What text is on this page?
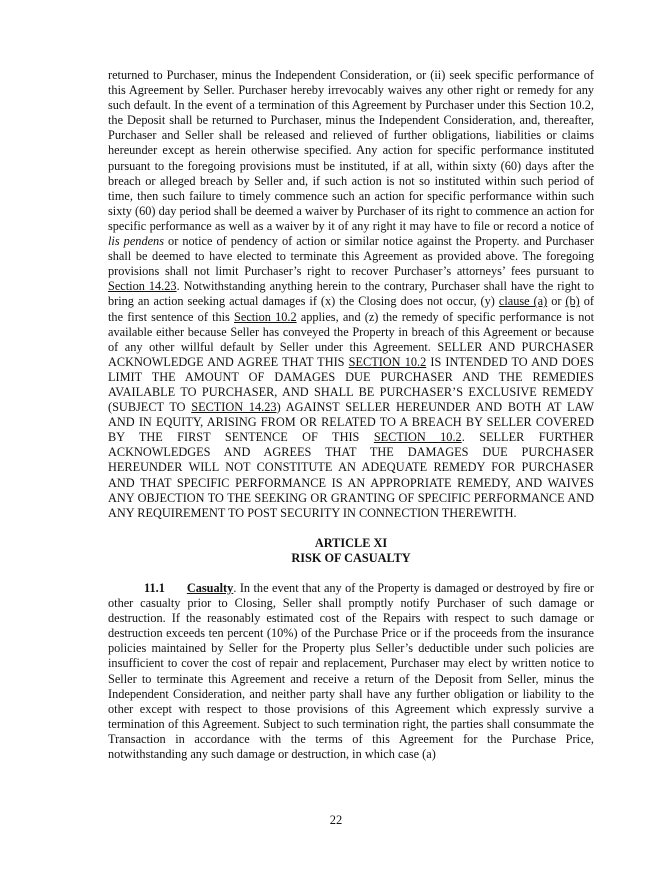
returned to Purchaser, minus the Independent Consideration, or (ii) seek specific performance of this Agreement by Seller. Purchaser hereby irrevocably waives any other right or remedy for any such default. In the event of a termination of this Agreement by Purchaser under this Section 10.2, the Deposit shall be returned to Purchaser, minus the Independent Consideration, and, thereafter, Purchaser and Seller shall be released and relieved of further obligations, liabilities or claims hereunder except as herein otherwise specified. Any action for specific performance instituted pursuant to the foregoing provisions must be instituted, if at all, within sixty (60) days after the breach or alleged breach by Seller and, if such action is not so instituted within such period of time, then such failure to timely commence such an action for specific performance within such sixty (60) day period shall be deemed a waiver by Purchaser of its right to commence an action for specific performance as well as a waiver by it of any right it may have to file or record a notice of lis pendens or notice of pendency of action or similar notice against the Property. and Purchaser shall be deemed to have elected to terminate this Agreement as provided above. The foregoing provisions shall not limit Purchaser’s right to recover Purchaser’s attorneys’ fees pursuant to Section 14.23. Notwithstanding anything herein to the contrary, Purchaser shall have the right to bring an action seeking actual damages if (x) the Closing does not occur, (y) clause (a) or (b) of the first sentence of this Section 10.2 applies, and (z) the remedy of specific performance is not available either because Seller has conveyed the Property in breach of this Agreement or because of any other willful default by Seller under this Agreement. SELLER AND PURCHASER ACKNOWLEDGE AND AGREE THAT THIS SECTION 10.2 IS INTENDED TO AND DOES LIMIT THE AMOUNT OF DAMAGES DUE PURCHASER AND THE REMEDIES AVAILABLE TO PURCHASER, AND SHALL BE PURCHASER’S EXCLUSIVE REMEDY (SUBJECT TO SECTION 14.23) AGAINST SELLER HEREUNDER AND BOTH AT LAW AND IN EQUITY, ARISING FROM OR RELATED TO A BREACH BY SELLER COVERED BY THE FIRST SENTENCE OF THIS SECTION 10.2. SELLER FURTHER ACKNOWLEDGES AND AGREES THAT THE DAMAGES DUE PURCHASER HEREUNDER WILL NOT CONSTITUTE AN ADEQUATE REMEDY FOR PURCHASER AND THAT SPECIFIC PERFORMANCE IS AN APPROPRIATE REMEDY, AND WAIVES ANY OBJECTION TO THE SEEKING OR GRANTING OF SPECIFIC PERFORMANCE AND ANY REQUIREMENT TO POST SECURITY IN CONNECTION THEREWITH.

ARTICLE XI

RISK OF CASUALTY

11.1 Casualty. In the event that any of the Property is damaged or destroyed by fire or other casualty prior to Closing, Seller shall promptly notify Purchaser of such damage or destruction. If the reasonably estimated cost of the Repairs with respect to such damage or destruction exceeds ten percent (10%) of the Purchase Price or if the proceeds from the insurance policies maintained by Seller for the Property plus Seller’s deductible under such policies are insufficient to cover the cost of repair and replacement, Purchaser may elect by written notice to Seller to terminate this Agreement and receive a return of the Deposit from Seller, minus the Independent Consideration, and neither party shall have any further obligation or liability to the other except with respect to those provisions of this Agreement which expressly survive a termination of this Agreement. Subject to such termination right, the parties shall consummate the Transaction in accordance with the terms of this Agreement for the Purchase Price, notwithstanding any such damage or destruction, in which case (a)

22
